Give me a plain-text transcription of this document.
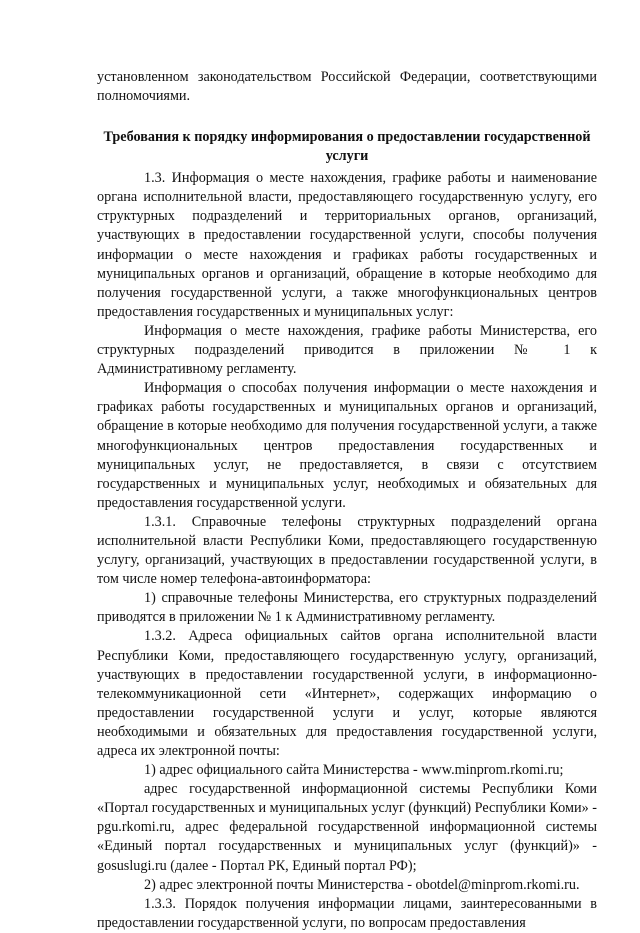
установленном законодательством Российской Федерации, соответствующими полномочиями.

Требования к порядку информирования о предоставлении государственной услуги

1.3. Информация о месте нахождения, графике работы и наименование органа исполнительной власти, предоставляющего государственную услугу, его структурных подразделений и территориальных органов, организаций, участвующих в предоставлении государственной услуги, способы получения информации о месте нахождения и графиках работы государственных и муниципальных органов и организаций, обращение в которые необходимо для получения государственной услуги, а также многофункциональных центров предоставления государственных и муниципальных услуг:

Информация о месте нахождения, графике работы Министерства, его структурных подразделений приводится в приложении № 1 к Административному регламенту.

Информация о способах получения информации о месте нахождения и графиках работы государственных и муниципальных органов и организаций, обращение в которые необходимо для получения государственной услуги, а также многофункциональных центров предоставления государственных и муниципальных услуг, не предоставляется, в связи с отсутствием государственных и муниципальных услуг, необходимых и обязательных для предоставления государственной услуги.

1.3.1. Справочные телефоны структурных подразделений органа исполнительной власти Республики Коми, предоставляющего государственную услугу, организаций, участвующих в предоставлении государственной услуги, в том числе номер телефона-автоинформатора:

1) справочные телефоны Министерства, его структурных подразделений приводятся в приложении № 1 к Административному регламенту.

1.3.2. Адреса официальных сайтов органа исполнительной власти Республики Коми, предоставляющего государственную услугу, организаций, участвующих в предоставлении государственной услуги, в информационно-телекоммуникационной сети «Интернет», содержащих информацию о предоставлении государственной услуги и услуг, которые являются необходимыми и обязательных для предоставления государственной услуги, адреса их электронной почты:

1) адрес официального сайта Министерства - www.minprom.rkomi.ru;

адрес государственной информационной системы Республики Коми «Портал государственных и муниципальных услуг (функций) Республики Коми» - pgu.rkomi.ru, адрес федеральной государственной информационной системы «Единый портал государственных и муниципальных услуг (функций)» - gosuslugi.ru (далее - Портал РК, Единый портал РФ);

2) адрес электронной почты Министерства - obotdel@minprom.rkomi.ru.

1.3.3. Порядок получения информации лицами, заинтересованными в предоставлении государственной услуги, по вопросам предоставления
